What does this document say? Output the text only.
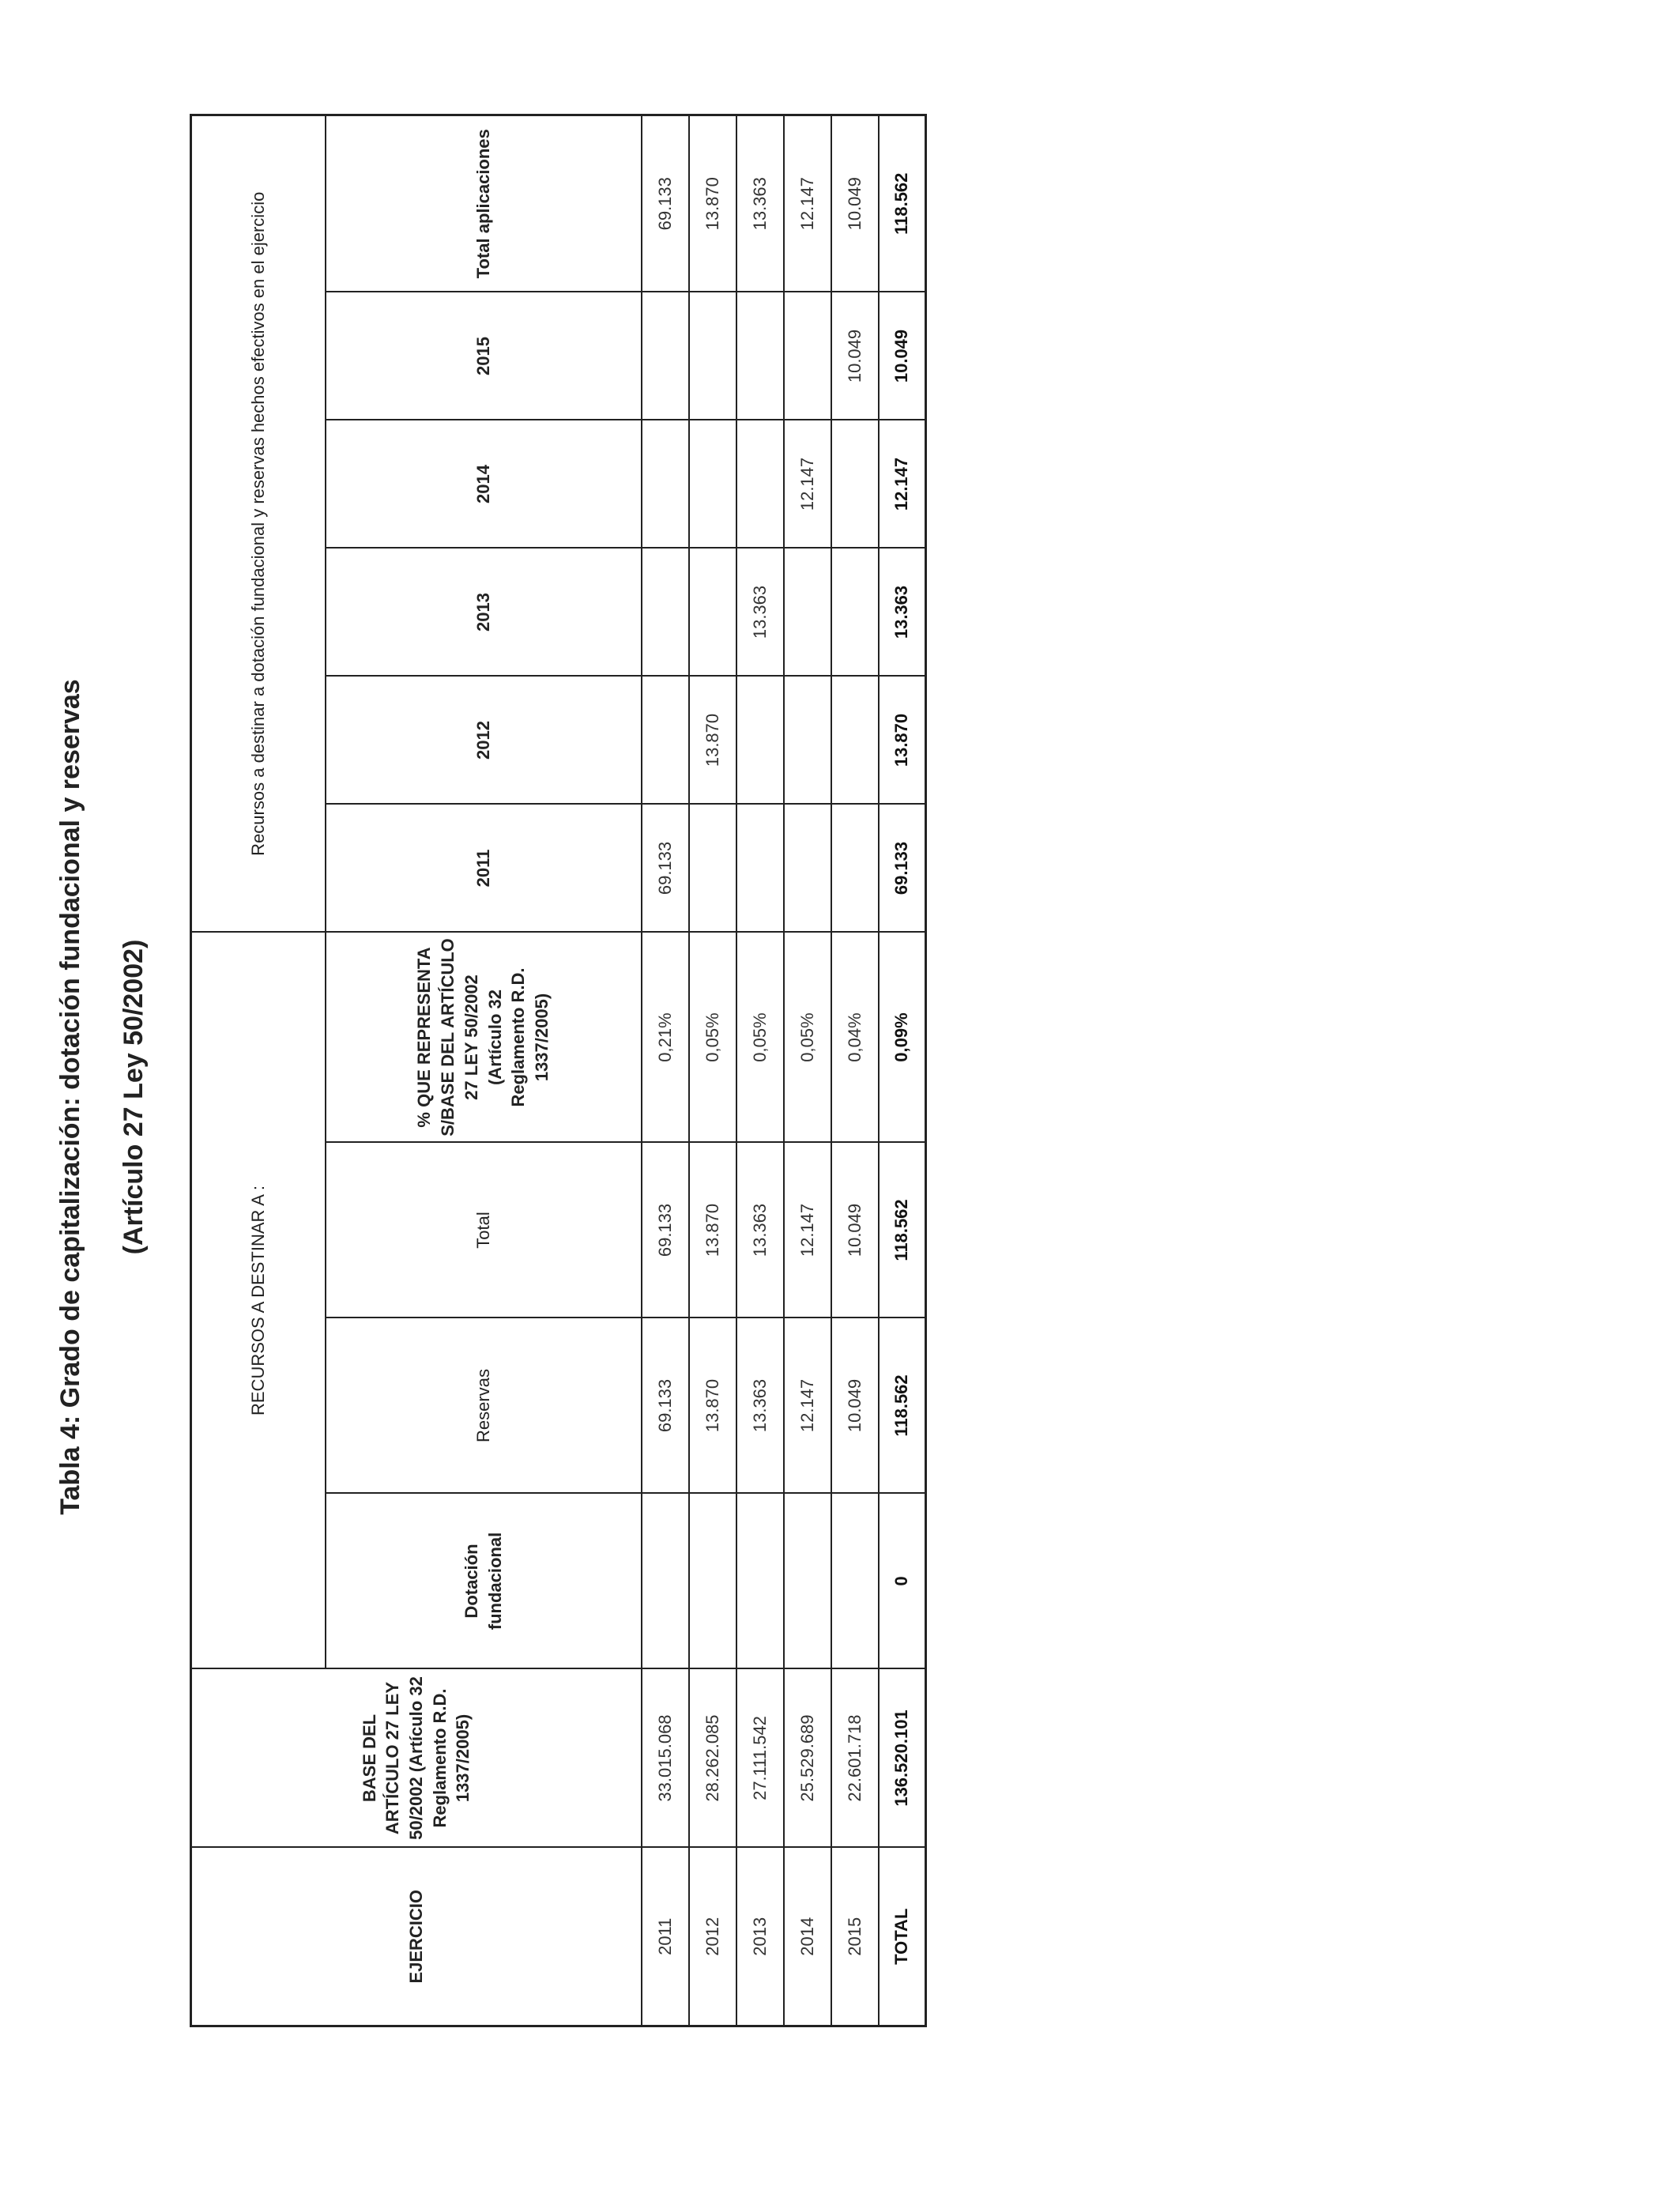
Tabla 4: Grado de capitalización: dotación fundacional y reservas (Artículo 27 Ley 50/2002)
EJERCICIO	BASE DEL ARTÍCULO 27 LEY 50/2002 (Artículo 32 Reglamento R.D. 1337/2005)	RECURSOS A DESTINAR A :				Recursos a destinar a dotación fundacional y reservas hechos efectivos en el ejercicio					
		Dotación fundacional	Reservas	Total	% QUE REPRESENTA S/BASE DEL ARTÍCULO 27 LEY 50/2002 (Artículo 32 Reglamento R.D. 1337/2005)	2011	2012	2013	2014	2015	Total aplicaciones
2011	33.015.068		69.133	69.133	0,21%	69.133					69.133
2012	28.262.085		13.870	13.870	0,05%		13.870				13.870
2013	27.111.542		13.363	13.363	0,05%			13.363			13.363
2014	25.529.689		12.147	12.147	0,05%				12.147		12.147
2015	22.601.718		10.049	10.049	0,04%					10.049	10.049
TOTAL	136.520.101	0	118.562	118.562	0,09%	69.133	13.870	13.363	12.147	10.049	118.562
